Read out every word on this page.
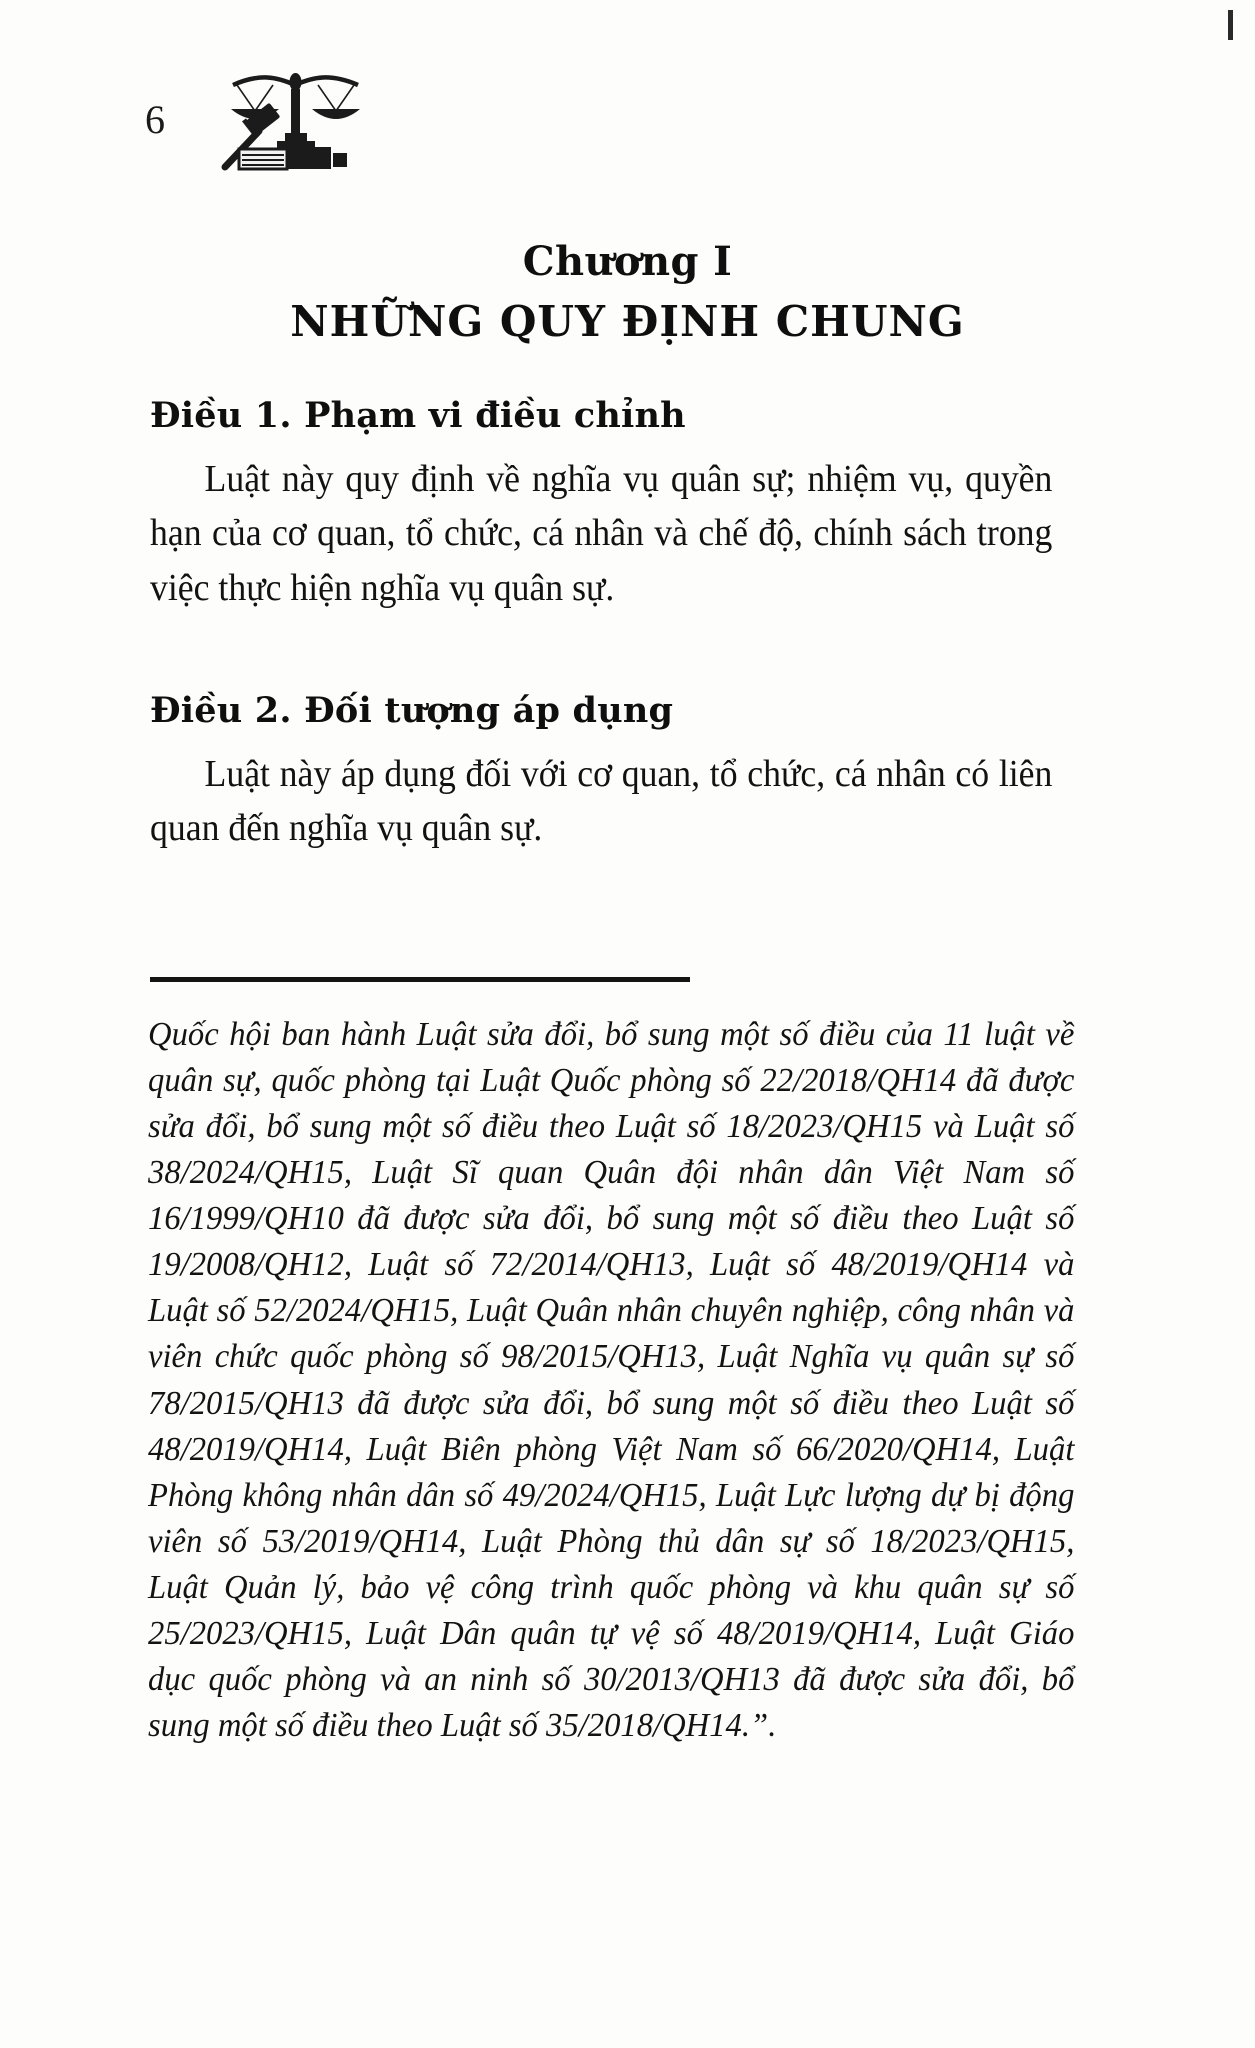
6
Chương I
NHỮNG QUY ĐỊNH CHUNG
Điều 1. Phạm vi điều chỉnh
Luật này quy định về nghĩa vụ quân sự; nhiệm vụ, quyền hạn của cơ quan, tổ chức, cá nhân và chế độ, chính sách trong việc thực hiện nghĩa vụ quân sự.
Điều 2. Đối tượng áp dụng
Luật này áp dụng đối với cơ quan, tổ chức, cá nhân có liên quan đến nghĩa vụ quân sự.
Quốc hội ban hành Luật sửa đổi, bổ sung một số điều của 11 luật về quân sự, quốc phòng tại Luật Quốc phòng số 22/2018/QH14 đã được sửa đổi, bổ sung một số điều theo Luật số 18/2023/QH15 và Luật số 38/2024/QH15, Luật Sĩ quan Quân đội nhân dân Việt Nam số 16/1999/QH10 đã được sửa đổi, bổ sung một số điều theo Luật số 19/2008/QH12, Luật số 72/2014/QH13, Luật số 48/2019/QH14 và Luật số 52/2024/QH15, Luật Quân nhân chuyên nghiệp, công nhân và viên chức quốc phòng số 98/2015/QH13, Luật Nghĩa vụ quân sự số 78/2015/QH13 đã được sửa đổi, bổ sung một số điều theo Luật số 48/2019/QH14, Luật Biên phòng Việt Nam số 66/2020/QH14, Luật Phòng không nhân dân số 49/2024/QH15, Luật Lực lượng dự bị động viên số 53/2019/QH14, Luật Phòng thủ dân sự số 18/2023/QH15, Luật Quản lý, bảo vệ công trình quốc phòng và khu quân sự số 25/2023/QH15, Luật Dân quân tự vệ số 48/2019/QH14, Luật Giáo dục quốc phòng và an ninh số 30/2013/QH13 đã được sửa đổi, bổ sung một số điều theo Luật số 35/2018/QH14.”.
